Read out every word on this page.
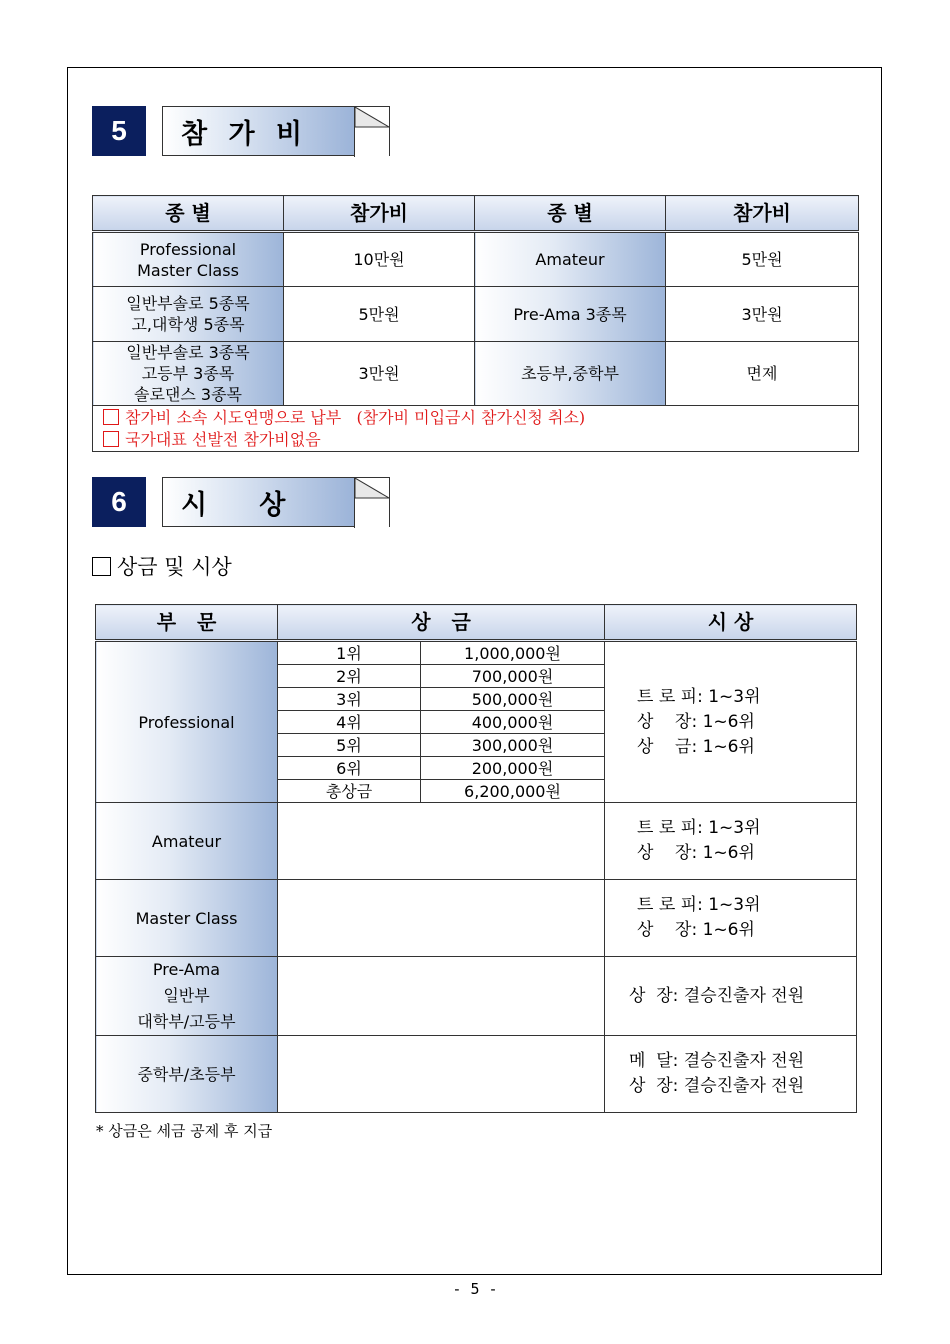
5	참 가 비
종 별	참가비	종 별	참가비
Professional
Master Class	10만원	Amateur	5만원
일반부솔로 5종목
고,대학생 5종목	5만원	Pre-Ama 3종목	3만원
일반부솔로 3종목
고등부 3종목
솔로댄스 3종목	3만원	초등부,중학부	면제

참가비 소속 시도연맹으로 납부   (참가비 미입금시 참가신청 취소)
국가대표 선발전 참가비없음			
6	시   상

상금 및 시상
부   문	상   금		시 상
Professional	1위	1,000,000원	트 로 피: 1~3위
상    장: 1~6위
상    금: 1~6위

	2위	700,000원	
	3위	500,000원	
	4위	400,000원	
	5위	300,000원	
	6위	200,000원	
	총상금	6,200,000원	
Amateur			트 로 피: 1~3위
상    장: 1~6위

Master Class			트 로 피: 1~3위
상    장: 1~6위

Pre-Ama
일반부
대학부/고등부			상  장: 결승진출자 전원

중학부/초등부			메  달: 결승진출자 전원
상  장: 결승진출자 전원
* 상금은 세금 공제 후 지급
- 5 -
